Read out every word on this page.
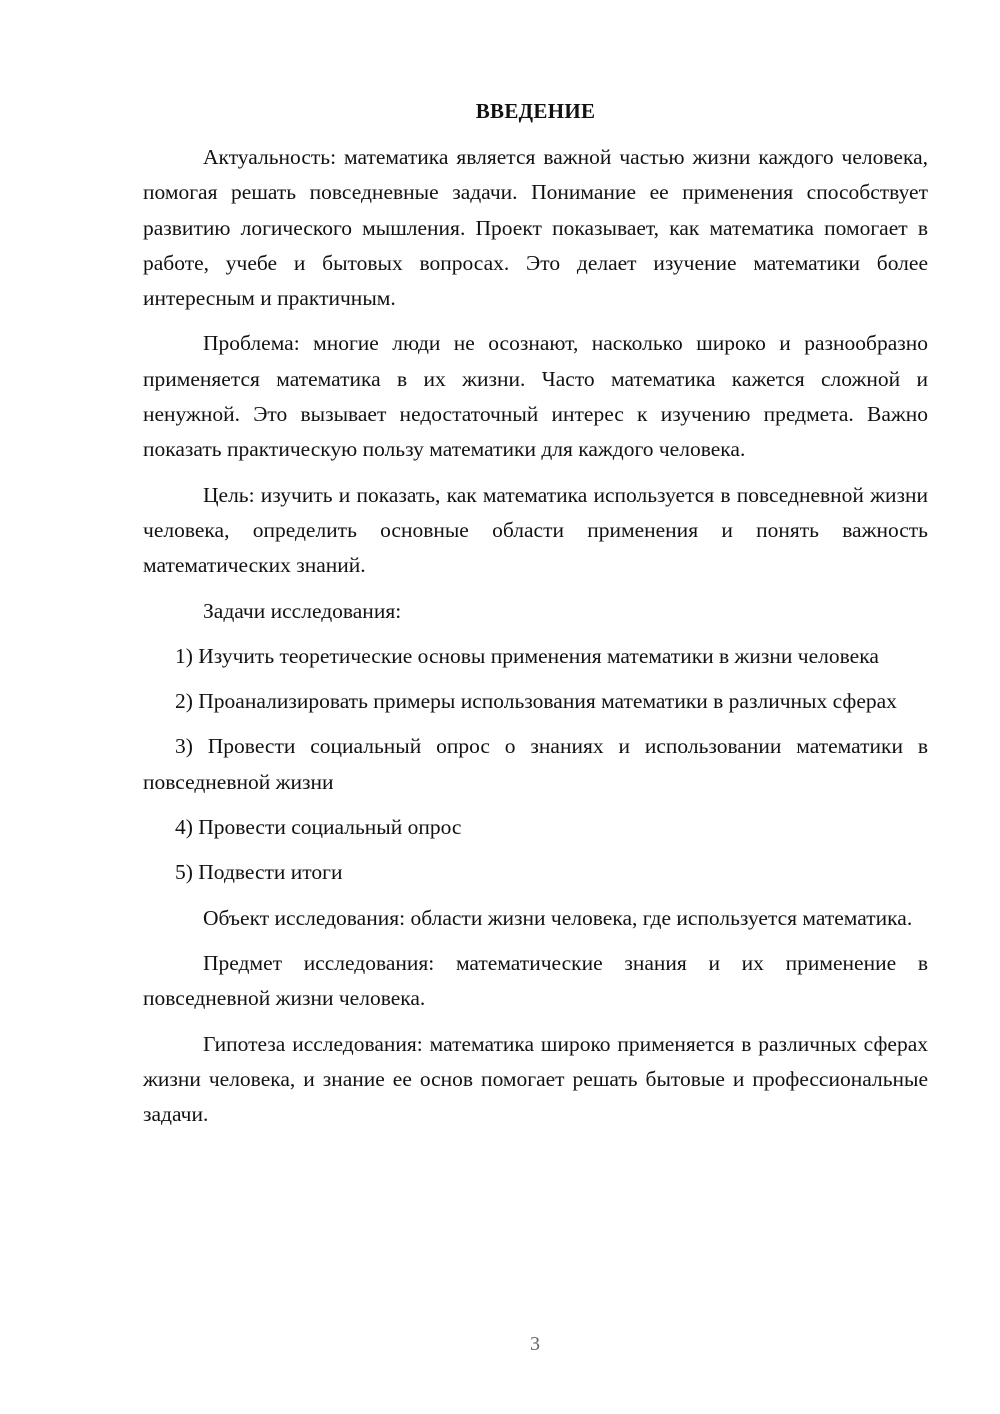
ВВЕДЕНИЕ

Актуальность: математика является важной частью жизни каждого человека, помогая решать повседневные задачи. Понимание ее применения способствует развитию логического мышления. Проект показывает, как математика помогает в работе, учебе и бытовых вопросах. Это делает изучение математики более интересным и практичным.

Проблема: многие люди не осознают, насколько широко и разнообразно применяется математика в их жизни. Часто математика кажется сложной и ненужной. Это вызывает недостаточный интерес к изучению предмета. Важно показать практическую пользу математики для каждого человека.

Цель: изучить и показать, как математика используется в повседневной жизни человека, определить основные области применения и понять важность математических знаний.

Задачи исследования:

1) Изучить теоретические основы применения математики в жизни человека

2) Проанализировать примеры использования математики в различных сферах

3) Провести социальный опрос о знаниях и использовании математики в повседневной жизни

4) Провести социальный опрос

5) Подвести итоги

Объект исследования: области жизни человека, где используется математика.

Предмет исследования: математические знания и их применение в повседневной жизни человека.

Гипотеза исследования: математика широко применяется в различных сферах жизни человека, и знание ее основ помогает решать бытовые и профессиональные задачи.

3
